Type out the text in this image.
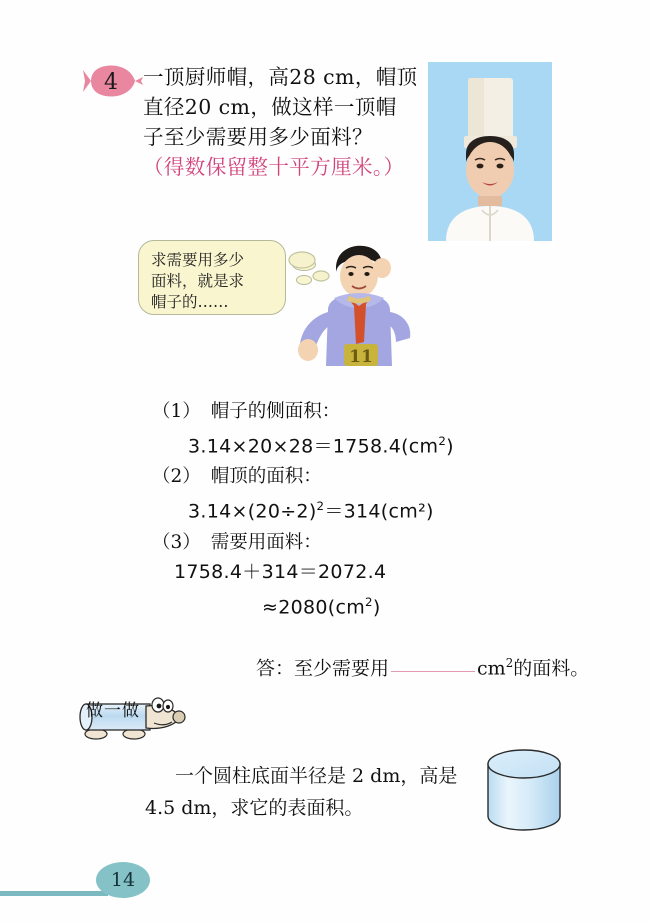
4 一顶厨师帽，高28 cm，帽顶
直径20 cm，做这样一顶帽
子至少需要用多少面料？
（得数保留整十平方厘米。）
求需要用多少
面料，就是求
帽子的……
11
（1） 帽子的侧面积：
$3.14\times 20\times 28=1758.4(cm^2)$
（2） 帽顶的面积：
$3.14\times(20\div 2)^2=314(cm^2)$
（3） 需要用面料：
1758.4＋314＝2072.4
$\approx 2080(cm^2)$
答：至少需要用	$cm^2$的面料。
做一做
一个圆柱底面半径是 2 dm，高是
4.5 dm，求它的表面积。
14
